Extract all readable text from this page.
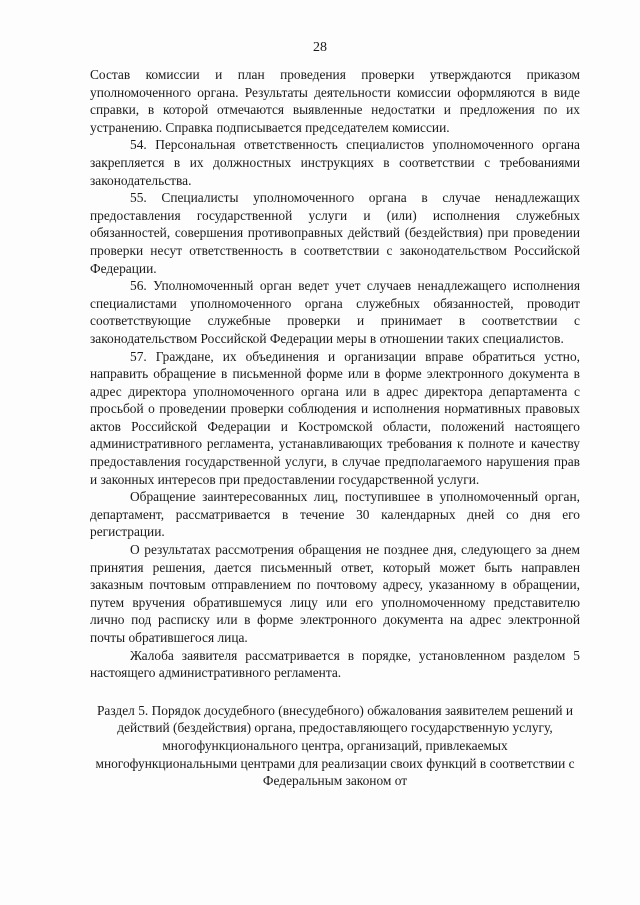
28

Состав комиссии и план проведения проверки утверждаются приказом уполномоченного органа. Результаты деятельности комиссии оформляются в виде справки, в которой отмечаются выявленные недостатки и предложения по их устранению. Справка подписывается председателем комиссии.

54. Персональная ответственность специалистов уполномоченного органа закрепляется в их должностных инструкциях в соответствии с требованиями законодательства.

55. Специалисты уполномоченного органа в случае ненадлежащих предоставления государственной услуги и (или) исполнения служебных обязанностей, совершения противоправных действий (бездействия) при проведении проверки несут ответственность в соответствии с законодательством Российской Федерации.

56. Уполномоченный орган ведет учет случаев ненадлежащего исполнения специалистами уполномоченного органа служебных обязанностей, проводит соответствующие служебные проверки и принимает в соответствии с законодательством Российской Федерации меры в отношении таких специалистов.

57. Граждане, их объединения и организации вправе обратиться устно, направить обращение в письменной форме или в форме электронного документа в адрес директора уполномоченного органа или в адрес директора департамента с просьбой о проведении проверки соблюдения и исполнения нормативных правовых актов Российской Федерации и Костромской области, положений настоящего административного регламента, устанавливающих требования к полноте и качеству предоставления государственной услуги, в случае предполагаемого нарушения прав и законных интересов при предоставлении государственной услуги.

Обращение заинтересованных лиц, поступившее в уполномоченный орган, департамент, рассматривается в течение 30 календарных дней со дня его регистрации.

О результатах рассмотрения обращения не позднее дня, следующего за днем принятия решения, дается письменный ответ, который может быть направлен заказным почтовым отправлением по почтовому адресу, указанному в обращении, путем вручения обратившемуся лицу или его уполномоченному представителю лично под расписку или в форме электронного документа на адрес электронной почты обратившегося лица.

Жалоба заявителя рассматривается в порядке, установленном разделом 5 настоящего административного регламента.

Раздел 5. Порядок досудебного (внесудебного) обжалования заявителем решений и действий (бездействия) органа, предоставляющего государственную услугу, многофункционального центра, организаций, привлекаемых многофункциональными центрами для реализации своих функций в соответствии с Федеральным законом от
